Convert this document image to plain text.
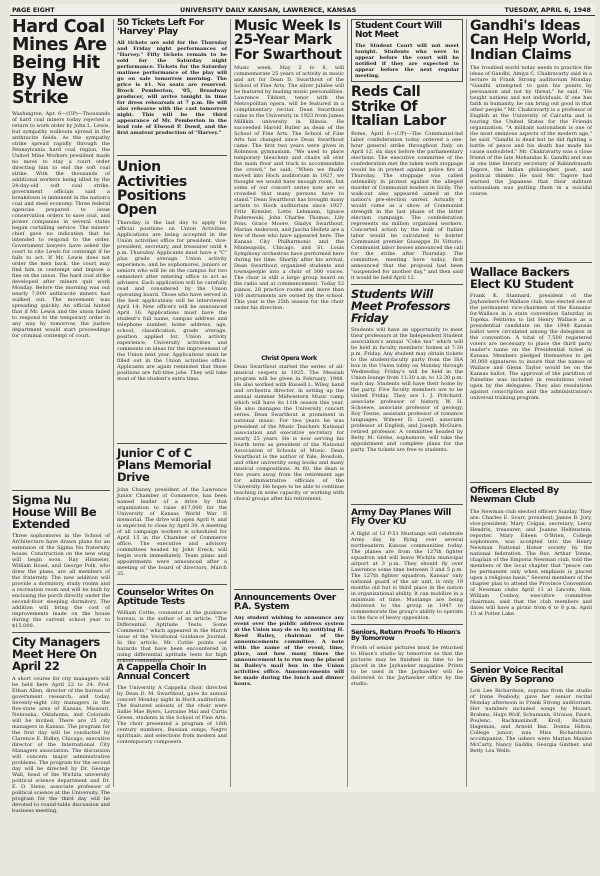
PAGE EIGHT	UNIVERSITY DAILY KANSAN, LAWRENCE, KANSAS	TUESDAY, APRIL 6, 1948
Hard Coal Mines Are Being Hit By New Strike
Washington, Apr. 6—(UP)—Thousands of hard coal miners today rejected a return to work order by John L. Lewis, but sympathy walkouts spread in the anthracite fields. As the sympathy strike spread rapidly through the Pennsylvania hard coal region, the United Mine Workers president made no move to stay a court order directing him to end the soft coal strike. With the thousands of additional workers being idled by the 24-day-old soft coal strike, government officials said a breakdown is imminent in the nation's coal and steel economy. Three federal agencies prepared to issue conservation orders to save coal, and power companies in several states began curtailing service. The miners' chief gave no indication that he intended to respond to the order. Government lawyers have asked the court to cite Lewis for contempt if he fails to act. If Mr. Lewis does not order the men back, the court may find him in contempt and impose a fine on the union. The hard coal strike developed after miners quit work Monday. Before the morning was out nearly 7,000 anthracite miners had walked out. The movement was spreading quickly. An official hinted that if Mr. Lewis and the union failed to respond to the temporary order in any way by tomorrow, the justice department would start proceedings for criminal contempt of court.
Sigma Nu House Will Be Extended
Three sophomores in the School of Architecture have drawn plans for an extension of the Sigma Nu fraternity house. Construction on the new wing will begin soon. Ray Hinmeier, William Rosel, and George Polk, who drew the plans, are all members of the fraternity. The new addition will provide a dormitory, study rooms and a recreation room and will be built by enclosing the porch directly under the second-floor sleeping dormitory. The addition will bring the cost of improvements made on the house during the current school year to $15,000.
City Managers Meet Here On April 22
A short course for city managers will be held here April 22 to 24. Prof. Ethan Allen, director of the bureau of government research, and today. Seventy-eight city managers in the five-state area of Kansas, Missouri, Nebraska, Oklahoma, and Colorado will be invited. There are 25 city managers in Kansas. The program for the first day will be conducted by Clarence E. Ridley, Chicago, executive director of the International City Managers association. The discussion will concern major administrative problems. The program for the second day will be directed by Dr. George Wall, head of the Wichita university political science department and Dr. E. O. Stene, associate professor of political science at the University. The program for the third day will be devoted to round-table discussion and business meeting.
50 Tickets Left For 'Harvey' Play
All tickets are sold for the Thursday and Friday night performances of "Harvey." Fifty tickets remain to be sold for the Saturday night performance. Tickets for the Saturday matinee performance of the play will go on sale tomorrow morning. The price is $1. No seats are reserved. Brock Pemberton, '05, Broadway producer, will arrive tonight in time for dress rehearsals at 7 p.m. He will also rehearse with the cast tomorrow night. This will be the third appearance of Mr. Pemberton in the lead role of Elwood P. Dowd, and the first amateur production of "Harvey."
Union Activities Positions Open
Thursday is the last day to apply for official positions on Union Activities. Applications are being accepted in the Union activities office for president, vice-president, secretary, and treasurer until 4 p.m. Thursday. Applicants must have a "C" plus grade average. Union activity experience, and be sophomores, juniors or seniors who will be on the campus for two semesters after entering office to act as advisers. Each application will be carefully read and considered by the Union operating board. Those who have served in the best applications will be interviewed April 14. New officers will be announced April 16. Applications must have the student's full name, campus address and telephone number, home address, age, school, classification, grade average, position applied for, Union activity experience, University activities and comments on ideas for the improvement of the Union next year. Applications must be filled out in the Union activities office. Applicants are again reminded that these positions are full-time jobs. They will take most of the student's extra time.
Junior C of C Plans Memorial Drive
John Chaney, president of the Lawrence Junior Chamber of Commerce, has been named leader of a drive by that organization to raise $17,000 for the University of Kansas World War II memorial. The drive will open April 9, and is expected to close by April 30. A meeting of all campaign workers is scheduled for April 15 in the Chamber of Commerce office. The executive and advisory committees headed by John Ereck, will begin work immediately. Team plans and appointments were announced after a meeting of the board of directors, March 25.
Counselor Writes On Aptitude Tests
William Cottle, counselor at the guidance bureau, is the author of an article, "The Differential Aptitude Tests: Some Comments," which appeared in the March issue of the Vocational Guidance Journal. In the article, Mr. Cottle points out hazards that have been encountered in using differential aptitude tests for high school counseling.
A Cappella Choir In Annual Concert
The University A Cappella choir, directed by Dean D. M. Swarthout, gave its annual concert Monday night in Hoch auditorium. The featured soloists of the choir were Sallie Mae Byers, Lorraine Mai and Curtis Green, students in the School of Fine Arts. The choir presented a program of 16th century numbers, Russian songs, Negro spirituals, and selections from modern and contemporary composers.
Music Week Is 25-Year Mark For Swarthout
Music week, May 2 to 8, will commemorate 25 years of activity in music and art for Dean D. Swarthout of the School of Fine Arts. The silver jubilee will be featured by leading music personalities. Lawrence Tibbett, tenor with the Metropolitan opera, will be featured in a complimentary recital. Dean Swarthout came to the University in 1923 from James Millikin university in Illinois. He succeeded Harold Butler as dean of the School of Fine Arts. The School of Fine Arts has changed since Dean Swarthout came. The first two years were given in Robinson gymnasium. "We used to place temporary bleachers and chairs all over the main floor and track to accommodate the crowd," he said. "When we finally moved into Hoch auditorium in 1927, we thought we would have enough room, but some of our concert series now are so crowded that many persons have to stand." Dean Swarthout has brought many artists to Hoch auditorium since 1927. Fritz Kreisler, Lotte Lehmann, Ignace Paderewski, John Charles Thomas, Lily Pons, Grace Moore, Gladys Swarthout, Marian Anderson, and Jascha Heifetz are a few of those who have appeared here. The Kansas City Philharmonic and the Minneapolis, Chicago, and St. Louis Symphony orchestras have performed here during his time. Shortly after his arrival, Dean Swarthout organized students and townspeople into a choir of 300 voices. The choir is still a large group heard on the radio and at commencement. Today 52 pianos, 28 practice rooms and more than 100 instruments are owned by the school. This year is the 25th season for the choir under his direction.
Christ Opera Work
Dean Swarthout started the series of all-musical vespers in 1925. The Messiah program will be given in February, 1948. He also worked with Russell L. Wiley, band and orchestra director, in setting up the annual summer Midwestern Music camp which will have its 11th season this year. He also manages the University concert series. Dean Swarthout is prominent in national music. For two years he was president of the Music Teachers National association and executive secretary for nearly 25 years. He is now serving his fourth term as president of the National Association of Schools of Music. Dean Swarthout is the author of Yale, Bowdoin, and other university song books and many musical compositions. At 60, the dean is two years away from the retirement age for administrative officials of the University. He hopes to be able to continue teaching in some capacity or working with choral groups after his retirement.
Announcements Over P.A. System
Any student wishing to announce any event over the public address system at the Union may do so by notifying H. Reed Bailey, chairman of the announcements committee. A note with the name of the event, time, place, and how many times the announcement is to run may be placed in Bailey's mail box in the Union activities office. Announcements will be made during the lunch and dinner hours.
Student Court Will Not Meet
The Student Court will not meet tonight. Students who were to appear before the court will be notified if they are expected to appear before the next regular meeting.
Reds Call Strike Of Italian Labor
Rome, April 6—(UP)—The Communist-led labor confederation today ordered a one-hour general strike throughout Italy on April 12, six days before the parliamentary elections. The executive committee of the confederation met the taken work stoppage would be in protest against police fire at Thursday. The stoppage was called ostensibly in protest against the alleged murder of Communist leaders in Sicily. The walk-out also appeared aimed at the nation's pre-election unrest. Actually it would come as a show of Communist strength in the last phase of the bitter election campaign. The confederation represents six million organized workers. Concerted action by the bulk of Italian labor would be calculated to bolster Communist premier Giuseppe Di Vittorio. Communist labor bosses announced the call for the strike after Thursday. The committee, meeting here today, first announced that the proposal had been "suspended for another day," and then said it would be held April 12.
Students Will Meet Professors Friday
Students will have an opportunity to meet their professors at the Independent Student association's annual "Coke tea" which will be held in faculty members' homes at 7:30 p.m. Friday. Any student may obtain tickets to the student-faculty party from the ISA box in the Union lobby on Monday through Wednesday. Friday's will be held in the Union lounge from 11:30 a.m. to 12:30 p.m. each day. Students will have their home by the party. Five faculty members are to be visited Friday. They are I. J. Pritchard, associate professor of history, W. H. Schoewe, associate professor of geology, Roy Towne, assistant professor of romance languages, Wimeer D. Lovell, associate professor of English, and Joseph McGuire, retired professor. A committee headed by Betty M. Grebe, sophomore, will take the appointment and complete plans for the party. The tickets are free to students.
Army Day Planes Will Fly Over KU
A flight of 12 P-51 Mustangs will celebrate Army day by flying over several northeastern Kansas communities today. The planes are from the 127th fighter squadron and will leave Wichita municipal airport at 3 p.m. They should fly over Lawrence some time between 3 and 5 p.m. The 127th fighter squadron, Kansas' only national guard of the air unit, is only 19 months old but is third place in the nation in organizational ability. It can mobilize in a minimum of time. Mustangs are being delivered to the group in 1947 to commemorate the group's ability to operate in the face of heavy opposition.
Seniors, Return Proofs To Hixon's By Tomorrow
Proofs of senior pictures must be returned to Hixon's studio by tomorrow so that the pictures may be finished in time to be placed in the Jayhawker magazine. Prints to be used in the Jayhawker will be delivered to the Jayhawker office by the studio.
Gandhi's Ideas Can Help World, Indian Claims
The troubled world today needs to practice the ideas of Gandhi, Amiya C. Chakravarty said in a lecture in Frank Strong auditorium Monday. "Gandhi attempted to gain his points by persuasion and not by threat," he said. "He taught nations and not individuals. If one has faith in humanity, he can bring out good in that other people." Mr. Chakravarty is a professor of English at the University of Calcutta and is touring the United States for the Friends organization. "A militant nationalism is one of the most ominious aspects of the modern age," he said. "Gandhi is dead but he did fighting a battle of peace and his death has made his cause undoubted." Mr. Chakravarty was a close friend of the late Mohandas K. Gandhi and was at one time literary secretary of Rabindranath Tagore, the Indian philosopher, poet, and political thinker. He said Mr. Tagore had warned the Japanese that their militant nationalism was putting them in a suicidal course.
Wallace Backers Elect KU Student
Frank K. Stannard, president of the Jayhawkers-for-Wallace club, was elected one of the permanent vice-chairmen of the Kansans-for-Wallace in a state convention Saturday in Topeka. Petitions to list Henry Wallace as a presidential candidate on the 1948 Kansas ballot were circulated among the delegates at the convention. A total of 7,500 registered voters are necessary to place the third party leader's name on the Presidential ticket in Kansas. Members pledged themselves to get 30,000 signatures to insure that the names of Wallace and Glenn Taylor would be on the Kansas ballot. The approval of the partition of Palestine was included in resolutions voted upon by the delegates. They also resolutions against conscription and the administration's universal training program.
Officers Elected By Newman Club
The Newman club elected officers Sunday. They are: Charles E. Svarr, president; James B. Jory, vice-president; Mary Colgan, secretary; Leroy Hendrix, treasurer; and Joanne Helfenstein, reporter. Mary Eileen O'Brien, College sophomore, was accepted into the Henry Newman National Honor society by the national federation. The Rev. Arthur Tonne, chaplain of the Emporia Newman club, told the members of the local chapter that "peace can be permanent only when emphasis is placed upon a religious basis." Several members of the chapter plan to attend the Province Convention of Newman clubs April 11 at Lincoln, Neb. William Conboy, executive committee chairman, said that the club members and dates will have a picnic from 6 to 8 p.m. April 13 at Potter Lake.
Senior Voice Recital Given By Soprano
Lois Lee Richardson, soprano from the studio of Irene Peabody, gave her senior recital Monday afternoon in Frank Strong auditorium. Her numbers included songs by Mozart, Brahms, Hugo Wolf, Schumann, Strauss, Fauré, Poulenc, Rachmaninoff, Kroll, Richard Hageman, and Arnold Bax. Donna Hilton, College junior, was Miss Richardson's accompanist. The ushers were Marian Maxine McCarty, Nancy Gaddis, Georgia Ginther, and Betty Lou Wells.
